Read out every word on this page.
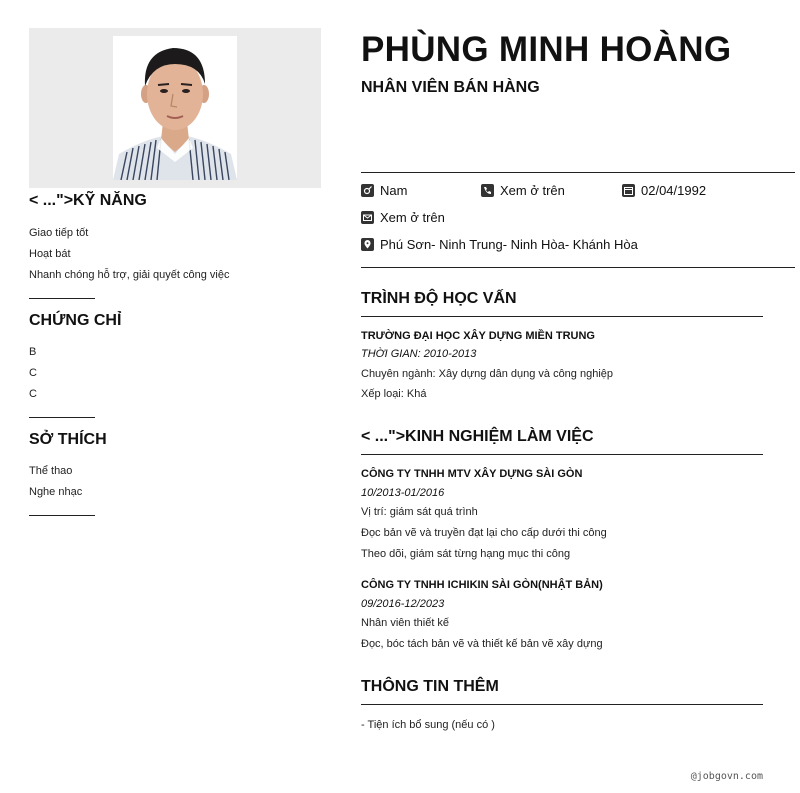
< ...">KỸ NĂNG
Giao tiếp tốt
Hoạt bát
Nhanh chóng hỗ trợ, giải quyết công việc
CHỨNG CHỈ
B
C
C
SỞ THÍCH
Thể thao
Nghe nhạc
PHÙNG MINH HOÀNG
NHÂN VIÊN BÁN HÀNG
Nam	Xem ở trên	02/04/1992
Xem ở trên
Phú Sơn- Ninh Trung- Ninh Hòa- Khánh Hòa
TRÌNH ĐỘ HỌC VẤN
TRƯỜNG ĐẠI HỌC XÂY DỰNG MIỀN TRUNG
THỜI GIAN: 2010-2013
Chuyên ngành: Xây dựng dân dụng và công nghiệp
Xếp loại: Khá
< ...">KINH NGHIỆM LÀM VIỆC
CÔNG TY TNHH MTV XÂY DỰNG SÀI GÒN
10/2013-01/2016
Vị trí: giám sát quá trình
Đọc bản vẽ và truyền đạt lại cho cấp dưới thi công
Theo dõi, giám sát từng hạng mục thi công
CÔNG TY TNHH ICHIKIN SÀI GÒN(NHẬT BẢN)
09/2016-12/2023
Nhân viên thiết kế
Đọc, bóc tách bản vẽ và thiết kế bản vẽ xây dựng
THÔNG TIN THÊM
- Tiện ích bổ sung (nếu có )
@jobgovn.com
